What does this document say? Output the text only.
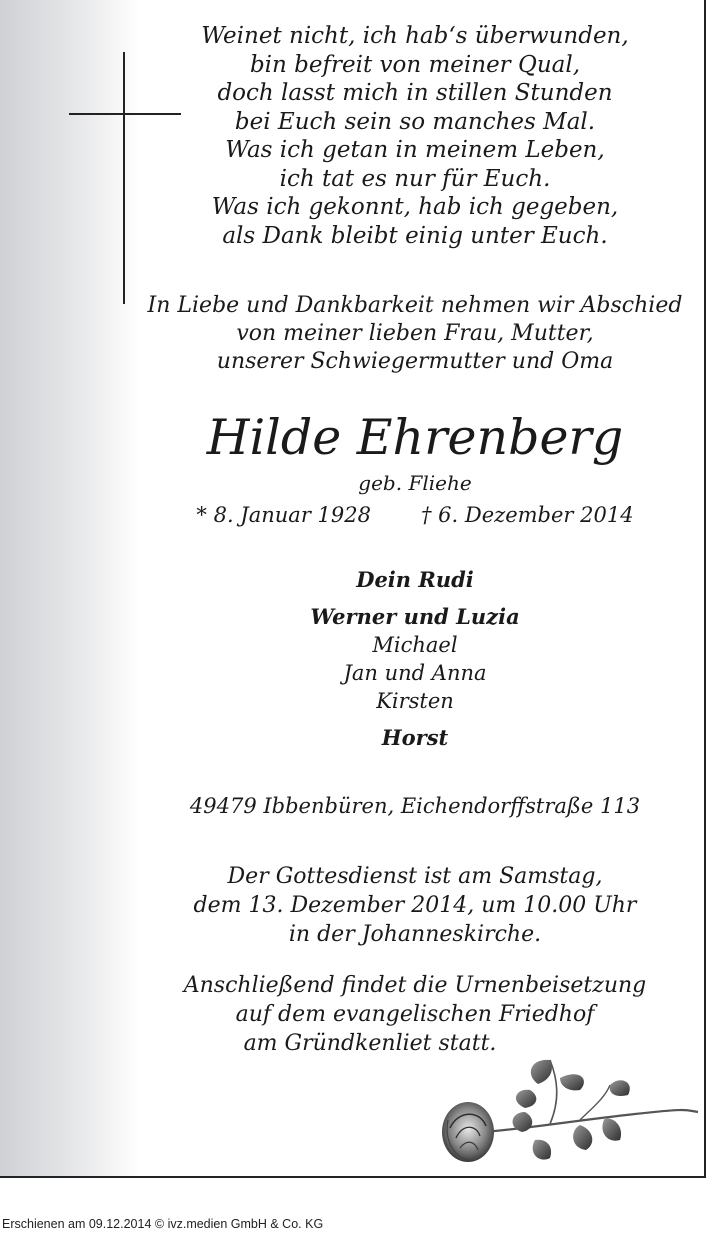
Weinet nicht, ich hab‘s überwunden,
bin befreit von meiner Qual,
doch lasst mich in stillen Stunden
bei Euch sein so manches Mal.
Was ich getan in meinem Leben,
ich tat es nur für Euch.
Was ich gekonnt, hab ich gegeben,
als Dank bleibt einig unter Euch.
In Liebe und Dankbarkeit nehmen wir Abschied
von meiner lieben Frau, Mutter,
unserer Schwiegermutter und Oma
Hilde Ehrenberg
geb. Fliehe
* 8. Januar 1928 † 6. Dezember 2014
Dein Rudi
Werner und Luzia
Michael
Jan und Anna
Kirsten
Horst
49479 Ibbenbüren, Eichendorffstraße 113
Der Gottesdienst ist am Samstag,
dem 13. Dezember 2014, um 10.00 Uhr
in der Johanneskirche.
Anschließend findet die Urnenbeisetzung
auf dem evangelischen Friedhof
am Gründkenliet statt.
Erschienen am 09.12.2014 © ivz.medien GmbH & Co. KG
